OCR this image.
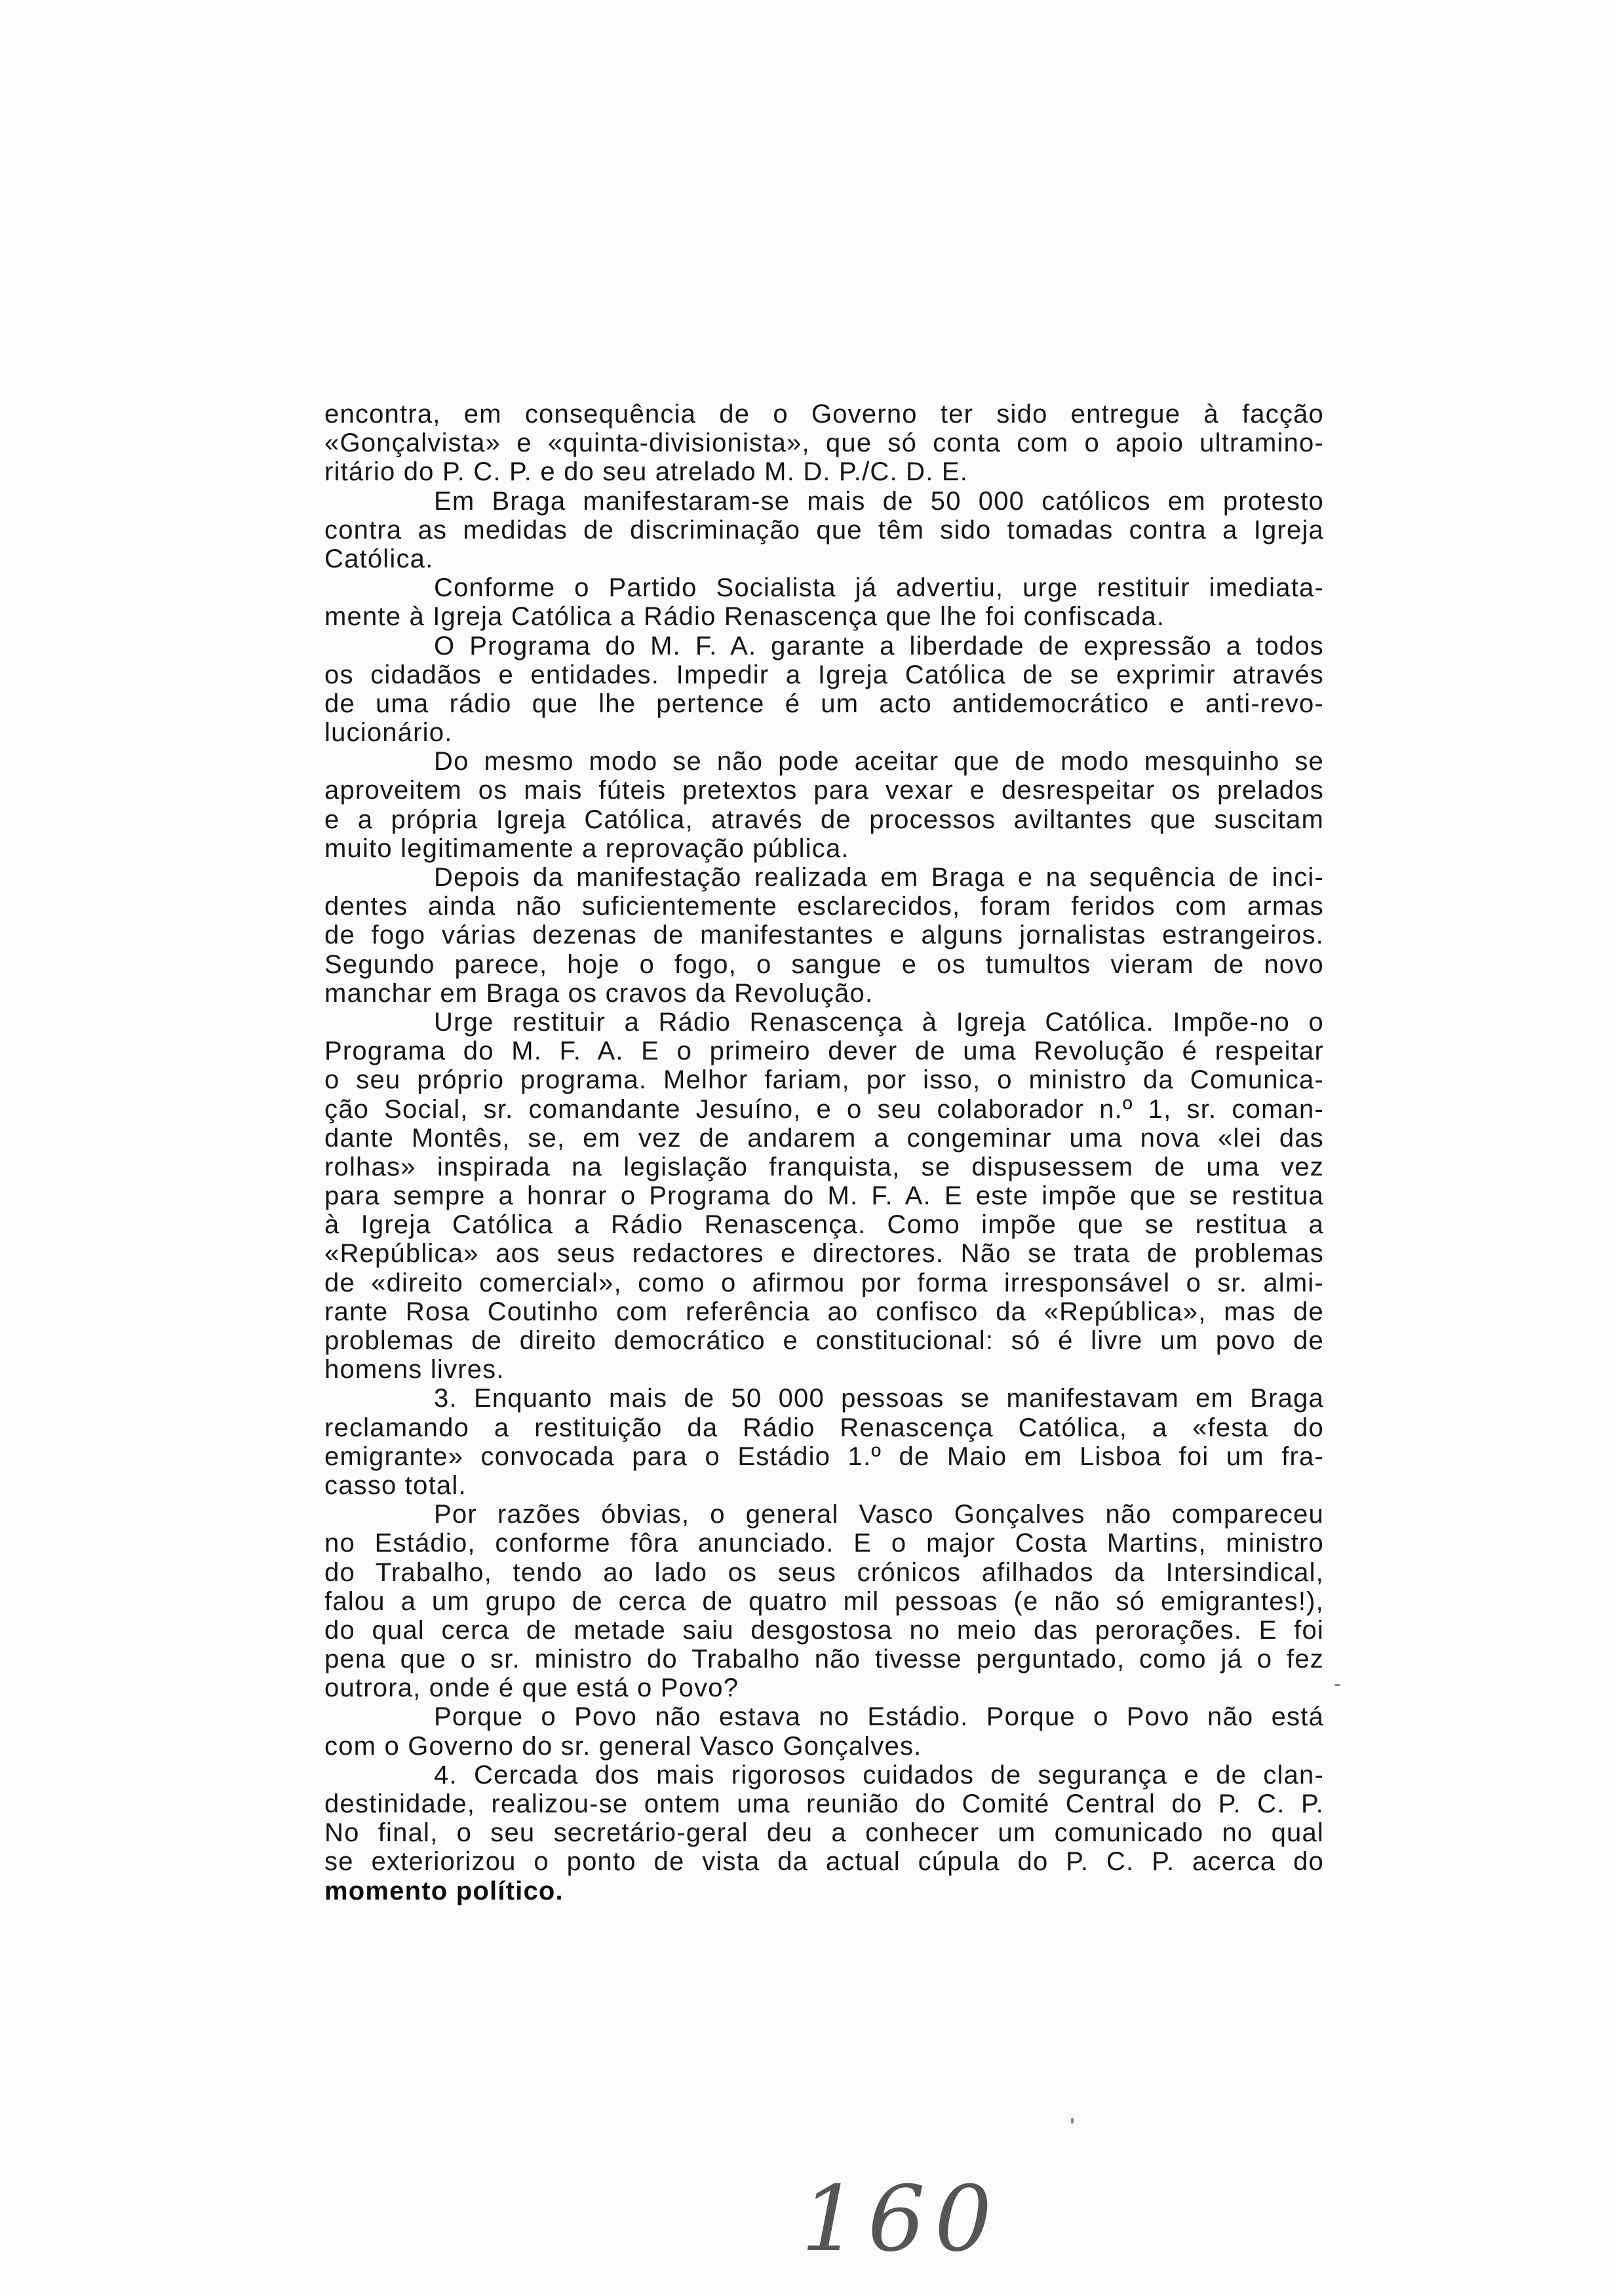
encontra, em consequência de o Governo ter sido entregue à facção
«Gonçalvista» e «quinta-divisionista», que só conta com o apoio ultramino-
ritário do P. C. P. e do seu atrelado M. D. P./C. D. E.
Em Braga manifestaram-se mais de 50 000 católicos em protesto
contra as medidas de discriminação que têm sido tomadas contra a Igreja
Católica.
Conforme o Partido Socialista já advertiu, urge restituir imediata-
mente à Igreja Católica a Rádio Renascença que lhe foi confiscada.
O Programa do M. F. A. garante a liberdade de expressão a todos
os cidadãos e entidades. Impedir a Igreja Católica de se exprimir através
de uma rádio que lhe pertence é um acto antidemocrático e anti-revo-
lucionário.
Do mesmo modo se não pode aceitar que de modo mesquinho se
aproveitem os mais fúteis pretextos para vexar e desrespeitar os prelados
e a própria Igreja Católica, através de processos aviltantes que suscitam
muito legitimamente a reprovação pública.
Depois da manifestação realizada em Braga e na sequência de inci-
dentes ainda não suficientemente esclarecidos, foram feridos com armas
de fogo várias dezenas de manifestantes e alguns jornalistas estrangeiros.
Segundo parece, hoje o fogo, o sangue e os tumultos vieram de novo
manchar em Braga os cravos da Revolução.
Urge restituir a Rádio Renascença à Igreja Católica. Impõe-no o
Programa do M. F. A. E o primeiro dever de uma Revolução é respeitar
o seu próprio programa. Melhor fariam, por isso, o ministro da Comunica-
ção Social, sr. comandante Jesuíno, e o seu colaborador n.º 1, sr. coman-
dante Montês, se, em vez de andarem a congeminar uma nova «lei das
rolhas» inspirada na legislação franquista, se dispusessem de uma vez
para sempre a honrar o Programa do M. F. A. E este impõe que se restitua
à Igreja Católica a Rádio Renascença. Como impõe que se restitua a
«República» aos seus redactores e directores. Não se trata de problemas
de «direito comercial», como o afirmou por forma irresponsável o sr. almi-
rante Rosa Coutinho com referência ao confisco da «República», mas de
problemas de direito democrático e constitucional: só é livre um povo de
homens livres.
3. Enquanto mais de 50 000 pessoas se manifestavam em Braga
reclamando a restituição da Rádio Renascença Católica, a «festa do
emigrante» convocada para o Estádio 1.º de Maio em Lisboa foi um fra-
casso total.
Por razões óbvias, o general Vasco Gonçalves não compareceu
no Estádio, conforme fôra anunciado. E o major Costa Martins, ministro
do Trabalho, tendo ao lado os seus crónicos afilhados da Intersindical,
falou a um grupo de cerca de quatro mil pessoas (e não só emigrantes!),
do qual cerca de metade saiu desgostosa no meio das perorações. E foi
pena que o sr. ministro do Trabalho não tivesse perguntado, como já o fez
outrora, onde é que está o Povo?
Porque o Povo não estava no Estádio. Porque o Povo não está
com o Governo do sr. general Vasco Gonçalves.
4. Cercada dos mais rigorosos cuidados de segurança e de clan-
destinidade, realizou-se ontem uma reunião do Comité Central do P. C. P.
No final, o seu secretário-geral deu a conhecer um comunicado no qual
se exteriorizou o ponto de vista da actual cúpula do P. C. P. acerca do
momento político.
160
